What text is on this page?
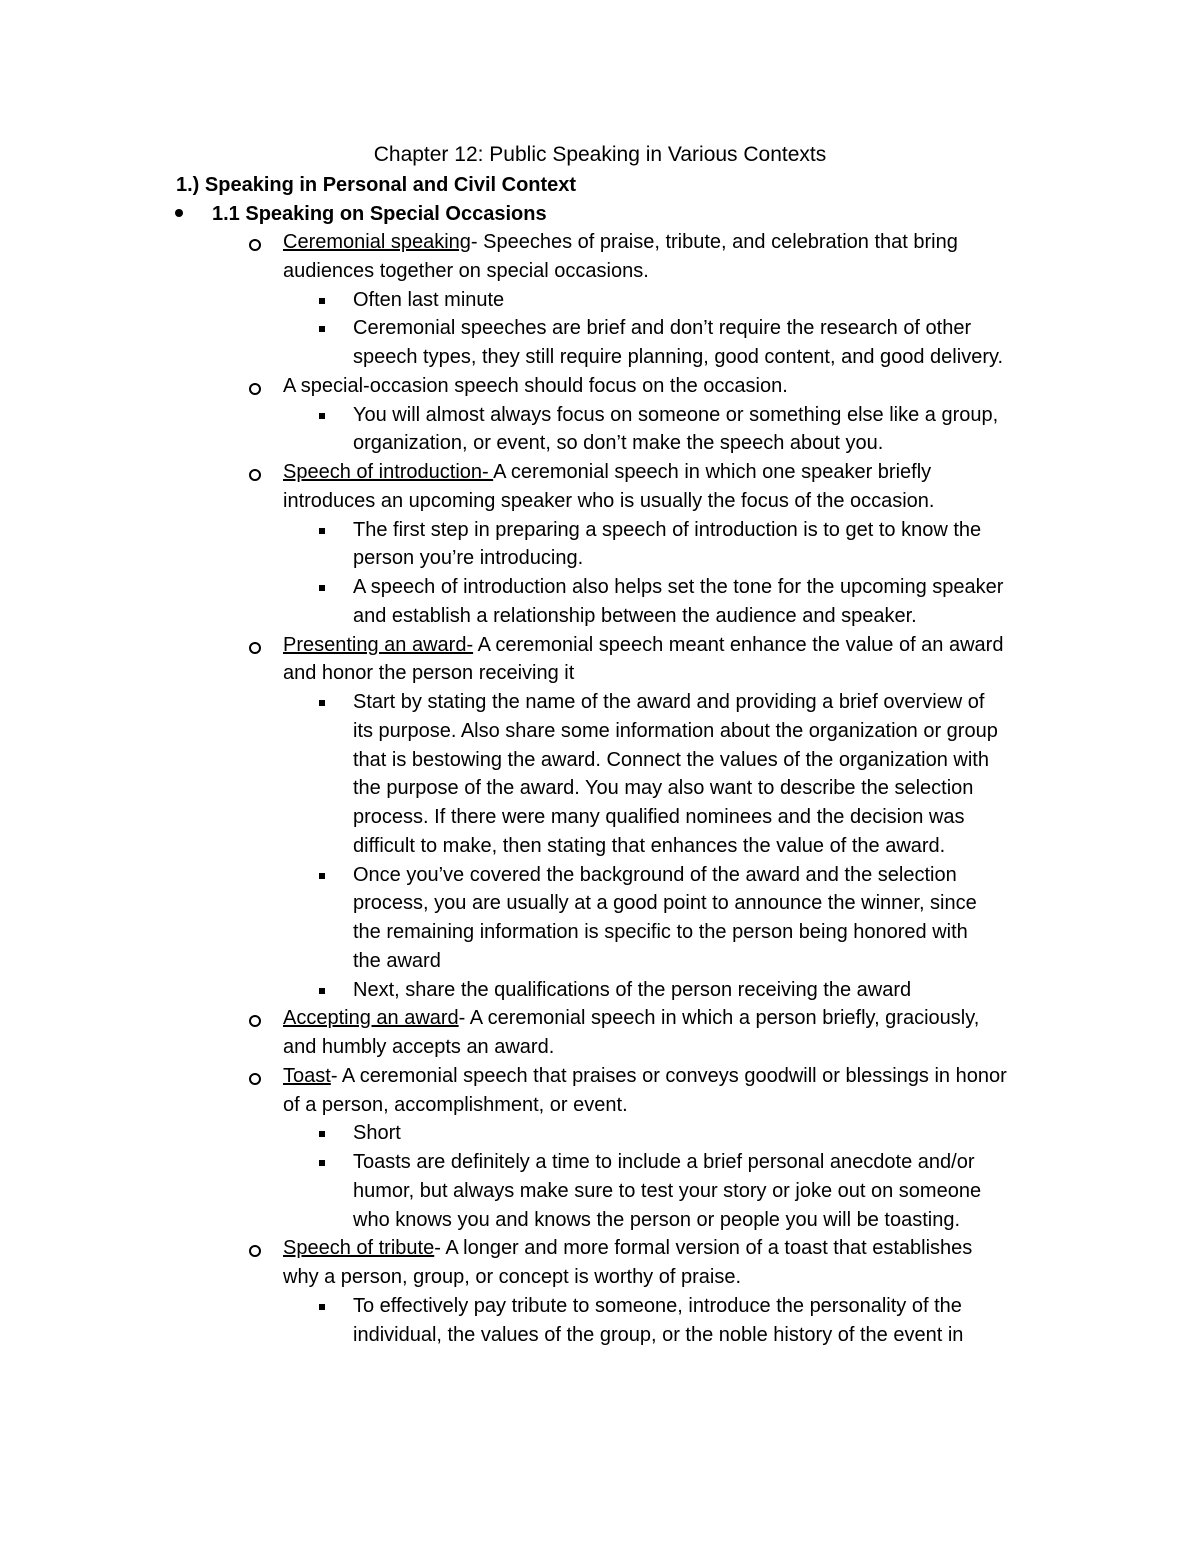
Chapter 12: Public Speaking in Various Contexts
1.) Speaking in Personal and Civil Context
1.1 Speaking on Special Occasions
Ceremonial speaking- Speeches of praise, tribute, and celebration that bring
audiences together on special occasions.
Often last minute
Ceremonial speeches are brief and don’t require the research of other
speech types, they still require planning, good content, and good delivery.
A special-occasion speech should focus on the occasion.
You will almost always focus on someone or something else like a group,
organization, or event, so don’t make the speech about you.
Speech of introduction- A ceremonial speech in which one speaker briefly
introduces an upcoming speaker who is usually the focus of the occasion.
The first step in preparing a speech of introduction is to get to know the
person you’re introducing.
A speech of introduction also helps set the tone for the upcoming speaker
and establish a relationship between the audience and speaker.
Presenting an award- A ceremonial speech meant enhance the value of an award
and honor the person receiving it
Start by stating the name of the award and providing a brief overview of
its purpose. Also share some information about the organization or group
that is bestowing the award. Connect the values of the organization with
the purpose of the award. You may also want to describe the selection
process. If there were many qualified nominees and the decision was
difficult to make, then stating that enhances the value of the award.
Once you’ve covered the background of the award and the selection
process, you are usually at a good point to announce the winner, since
the remaining information is specific to the person being honored with
the award
Next, share the qualifications of the person receiving the award
Accepting an award- A ceremonial speech in which a person briefly, graciously,
and humbly accepts an award.
Toast- A ceremonial speech that praises or conveys goodwill or blessings in honor
of a person, accomplishment, or event.
Short
Toasts are definitely a time to include a brief personal anecdote and/or
humor, but always make sure to test your story or joke out on someone
who knows you and knows the person or people you will be toasting.
Speech of tribute- A longer and more formal version of a toast that establishes
why a person, group, or concept is worthy of praise.
To effectively pay tribute to someone, introduce the personality of the
individual, the values of the group, or the noble history of the event in
